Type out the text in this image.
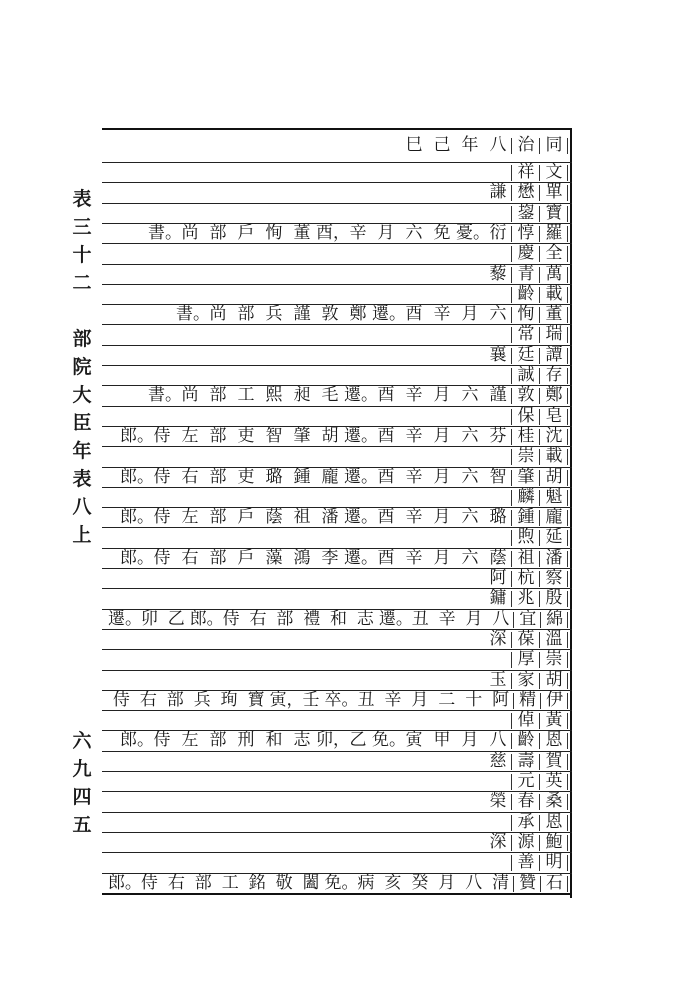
表
三
十
二
部
院
大
臣
年
表
八
上
六
九
四
五
同
治
八
年
己
巳
文
祥
單
懋
謙
寶
鋆
羅
惇
衍
憂。
免
六
月
辛
酉，
董
恂
戶
部
尚
書。
全
慶
萬
青
藜
載
齡
董
恂
六
月
辛
酉
遷。
鄭
敦
謹
兵
部
尚
書。
瑞
常
譚
廷
襄
存
誠
鄭
敦
謹
六
月
辛
酉
遷。
毛
昶
熙
工
部
尚
書。
皂
保
沈
桂
芬
六
月
辛
酉
遷。
胡
肇
智
吏
部
左
侍
郎。
載
崇
胡
肇
智
六
月
辛
酉
遷。
龐
鍾
璐
吏
部
右
侍
郎。
魁
麟
龐
鍾
璐
六
月
辛
酉
遷。
潘
祖
蔭
戶
部
左
侍
郎。
延
煦
潘
祖
蔭
六
月
辛
酉
遷。
李
鴻
藻
戶
部
右
侍
郎。
察
杭
阿
殷
兆
鏞
綿
宜
八
月
辛
丑
遷。
志
和
禮
部
右
侍
郎。
乙
卯
遷。
溫
葆
深
崇
厚
胡
家
玉
伊
精
阿
十
二
月
辛
丑
卒。
壬
寅，
寶
珣
兵
部
右
侍
黃
倬
恩
齡
八
月
甲
寅
免。
乙
卯，
志
和
刑
部
左
侍
郎。
賀
壽
慈
英
元
桑
春
榮
恩
承
鮑
源
深
明
善
石
贊
清
八
月
癸
亥
病
免。
闔
敬
銘
工
部
右
侍
郎。
